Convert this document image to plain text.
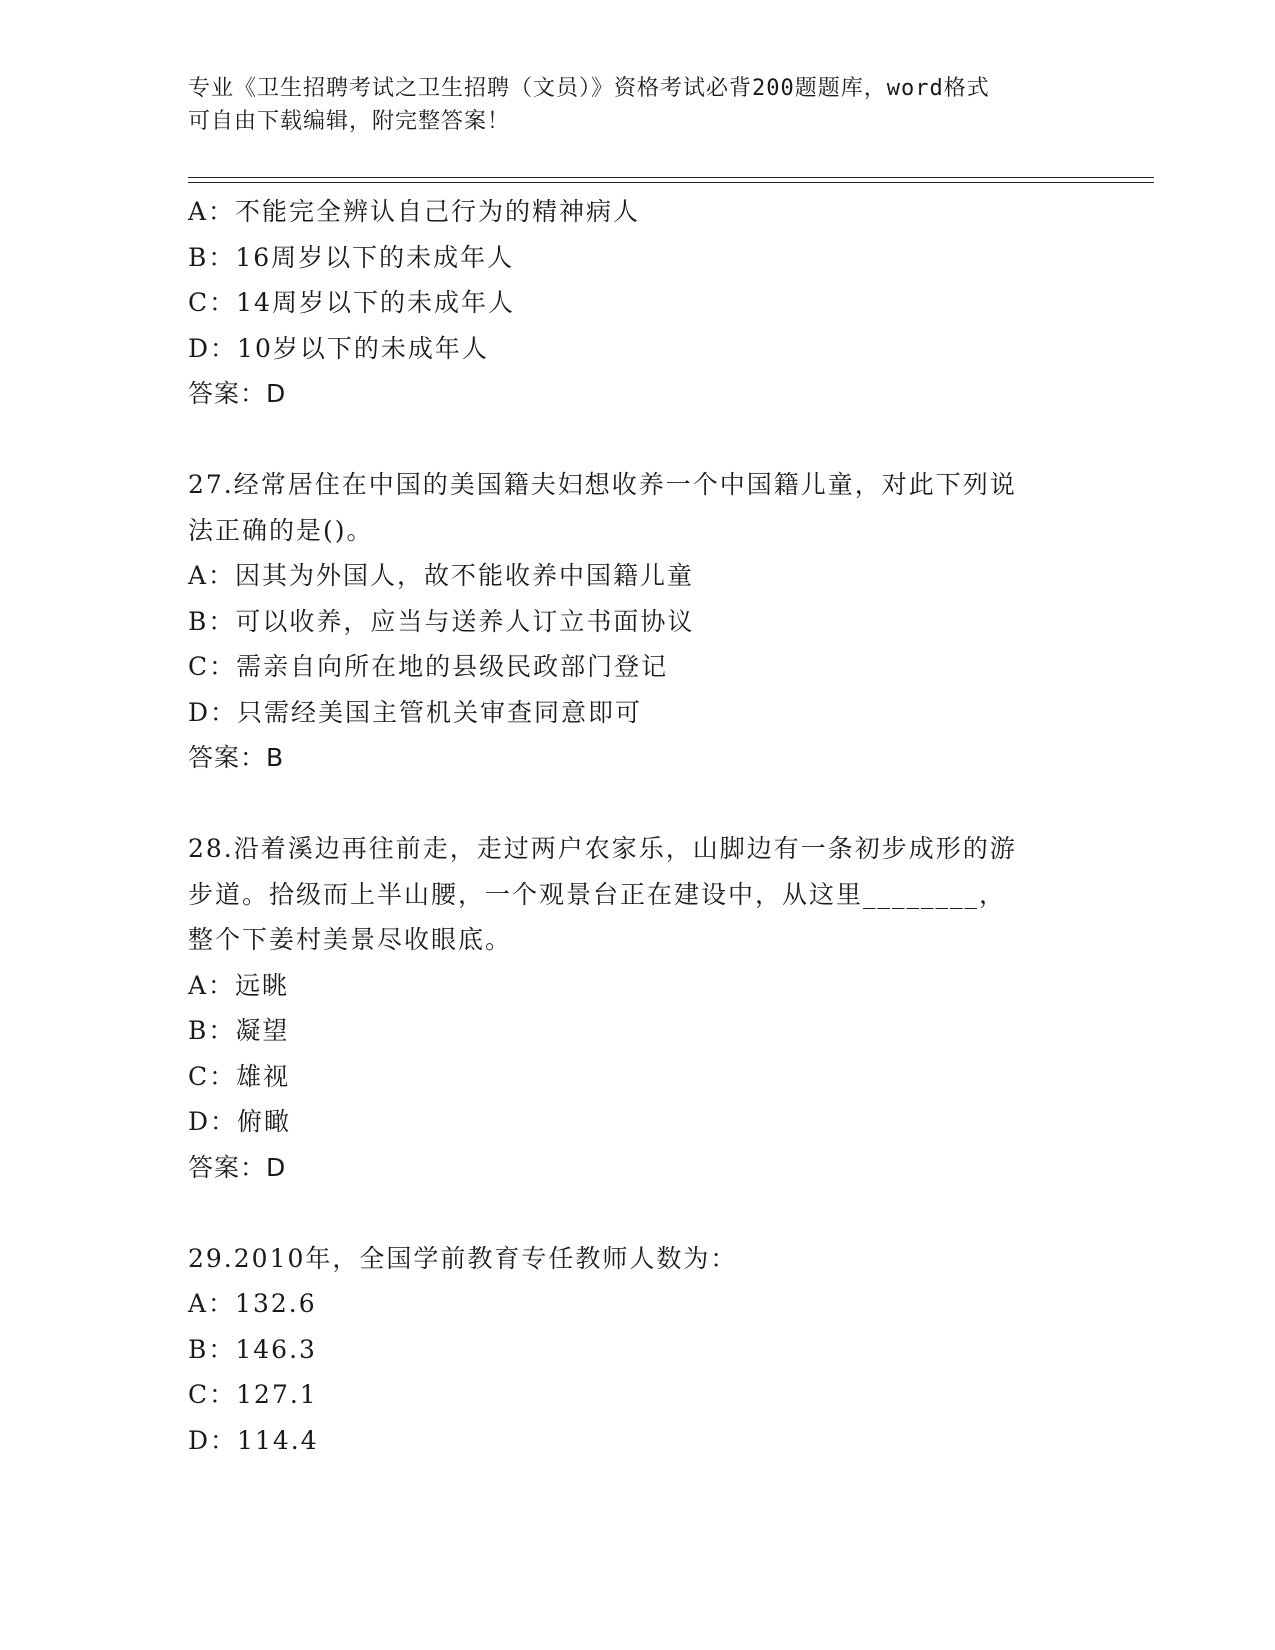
专业《卫生招聘考试之卫生招聘（文员）》资格考试必背200题题库，word格式
可自由下载编辑，附完整答案！
A：不能完全辨认自己行为的精神病人
B：16周岁以下的未成年人
C：14周岁以下的未成年人
D：10岁以下的未成年人
答案：D
27.经常居住在中国的美国籍夫妇想收养一个中国籍儿童，对此下列说
法正确的是()。
A：因其为外国人，故不能收养中国籍儿童
B：可以收养，应当与送养人订立书面协议
C：需亲自向所在地的县级民政部门登记
D：只需经美国主管机关审查同意即可
答案：B
28.沿着溪边再往前走，走过两户农家乐，山脚边有一条初步成形的游
步道。拾级而上半山腰，一个观景台正在建设中，从这里________，
整个下姜村美景尽收眼底。
A：远眺
B：凝望
C：雄视
D：俯瞰
答案：D
29.2010年，全国学前教育专任教师人数为：
A：132.6
B：146.3
C：127.1
D：114.4
